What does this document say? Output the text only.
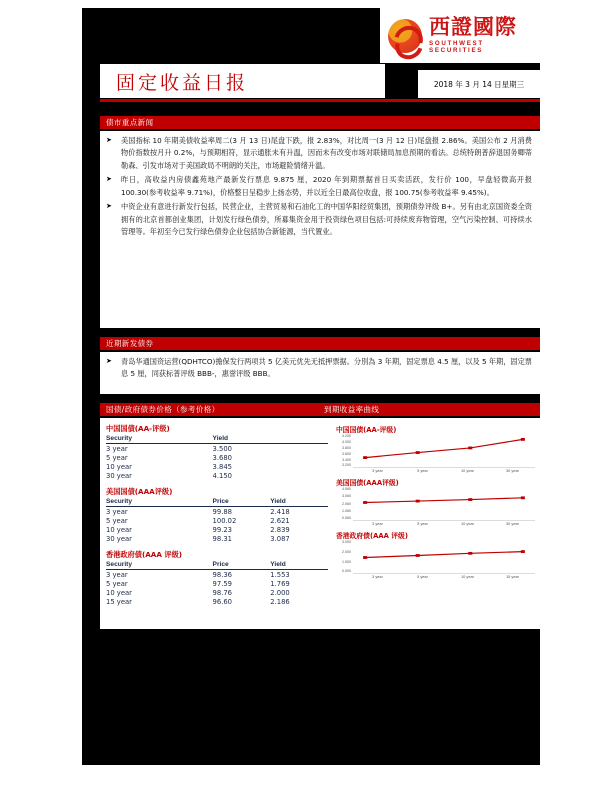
西證國際
SOUTHWEST SECURITIES
固定收益日报	2018 年 3 月 14 日星期三
债市重点新闻
➤	美国指标 10 年期美债收益率周二(3 月 13 日)尾盘下跌，报 2.83%，对比周一(3 月 12 日)尾盘报 2.86%。美国公布 2 月消费物价指数按月升 0.2%，与预期相符，显示通胀未有升温，因而未有改变市场对联储局加息预期的看法。总统特朗普辞退国务卿蒂勒森、引发市场对于美国政局不明朗的关注，市场避险情绪升温。
➤	昨日，高收益内房债鑫苑地产最新发行票息 9.875 厘，2020 年到期票据首日买卖活跃，发行价 100，早盘轻微高开报 100.30(参考收益率 9.71%)，价格整日呈稳步上扬态势，并以近全日最高位收盘，报 100.75(参考收益率 9.45%)。
➤	中资企业有意进行新发行包括，民营企业，主营贸易和石油化工的中国华阳经贸集团，预期债券评级 B+。另有由北京国资委全资拥有的北京首都创业集团，计划发行绿色债券，所募集资金用于投资绿色项目包括:可持续废弃物管理，空气污染控制、可持续水管理等。年初至今已发行绿色债券企业包括协合新能源，当代置业。
近期新发债券
➤	青岛华通国资运营(QDHTCO)擔保发行两项共 5 亿美元优先无抵押票据。分別為 3 年期，固定票息 4.5 厘，以及 5 年期，固定票息 5 厘，同获标普评级 BBB-，惠誉评级 BBB。
国债/政府债券价格（参考价格）	到期收益率曲线
中国国债(AA-评级)
Security	Yield
3 year	3.500
5 year	3.680
10 year	3.845
30 year	4.150
美国国债(AAA评级)
Security	Price	Yield
3 year	99.88	2.418
5 year	100.02	2.621
10 year	99.23	2.839
30 year	98.31	3.087
香港政府债(AAA 评级)
Security	Price	Yield
3 year	98.36	1.553
5 year	97.59	1.769
10 year	98.76	2.000
15 year	96.60	2.186
中国国债(AA-评级)
4.200
4.000
3.800
3.600
3.400
3.200
3 year	5 year	10 year	30 year
美国国债(AAA评级)
4.060
3.060
2.060
1.060
0.060
3 year	5 year	10 year	30 year
香港政府债(AAA 评级)
3.000
2.000
1.000
0.000
3 year	5 year	10 year	15 year
